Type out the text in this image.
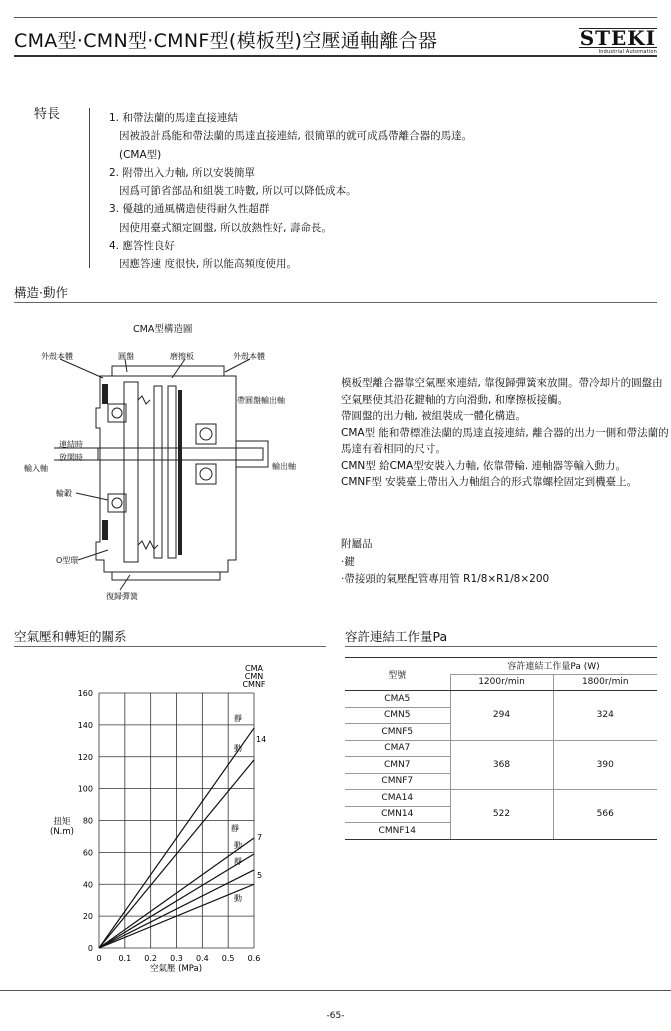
CMA型·CMN型·CMNF型(模板型)空壓通軸離合器	STEKI
Industrial Automation
特長	1. 和帶法蘭的馬達直接連結
因被設計爲能和帶法蘭的馬達直接連結, 很簡單的就可成爲帶離合器的馬達。
(CMA型)
2. 附帶出入力軸, 所以安裝簡單
因爲可節省部品和組裝工時數, 所以可以降低成本。
3. 優越的通風構造使得耐久性超群
因使用臺式額定圓盤, 所以放熱性好, 壽命長。
4. 應答性良好
因應答速 度很快, 所以能高頻度使用。
構造·動作
CMA型構造圖
外殼本體	圓盤	磨擦板	外殼本體
帶圓盤輸出軸
連結時
放開時
輸入軸	輸出軸
輪轂
O型環
復歸彈簧

模板型離合器靠空氣壓來連結, 靠復歸彈簧來放開。帶冷却片的圓盤由空氣壓使其沿花鍵軸的方向滑動, 和摩擦板接觸。

帶圓盤的出力軸, 被組裝成一體化構造。

CMA型 能和帶標准法蘭的馬達直接連結, 離合器的出力一側和帶法蘭的馬達有着相同的尺寸。

CMN型 給CMA型安裝入力軸, 依靠帶輪. 連軸器等輸入動力。

CMNF型 安裝臺上帶出入力軸組合的形式靠螺栓固定到機臺上。

附屬品
·鍵
·帶接頭的氣壓配管專用管 R1/8×R1/8×200
空氣壓和轉矩的關系
0 0.1 0.2 0.3 0.4 0.5 0.6
0
20
40
60
80
100
120
140
160
靜
動
靜
動
靜
動
14
7
5
CMA
CMN
CMNF
空氣壓 (MPa)
扭矩
(N.m)
容許連結工作量Pa
型號	容許連結工作量Pa (W)	
	1200r/min	1800r/min
CMA5	294	324
CMN5		
CMNF5		
CMA7	368	390
CMN7		
CMNF7		
CMA14	522	566
CMN14		
CMNF14		
-65-
